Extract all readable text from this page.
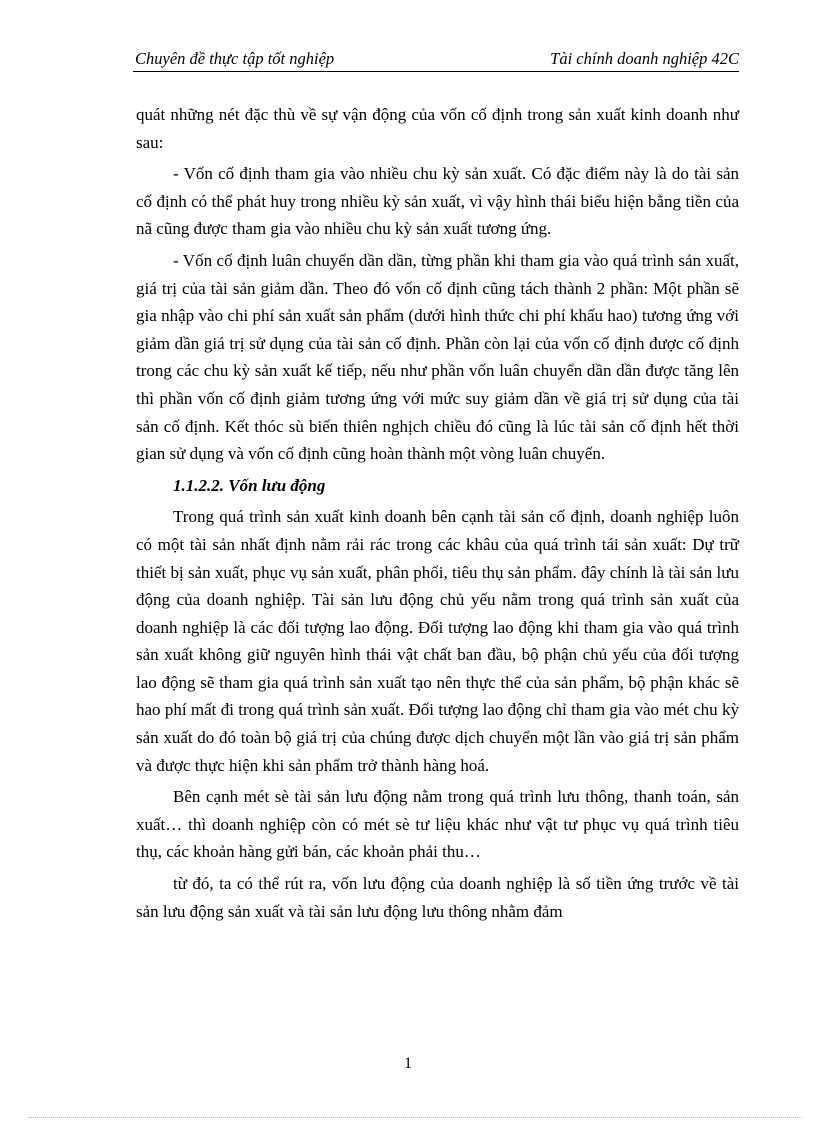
Chuyên đề thực tập tốt nghiệp	Tài chính doanh nghiệp 42C

quát những nét đặc thù về sự vận động của vốn cố định trong sản xuất kinh doanh như sau:

- Vốn cố định tham gia vào nhiều chu kỳ sản xuất. Có đặc điểm này là do tài sản cố định có thể phát huy trong nhiều kỳ sản xuất, vì vậy hình thái biểu hiện bằng tiền của nã cũng được tham gia vào nhiều chu kỳ sản xuất tương ứng.

- Vốn cố định luân chuyển dần dần, từng phần khi tham gia vào quá trình sản xuất, giá trị của tài sản giảm dần. Theo đó vốn cố định cũng tách thành 2 phần: Một phần sẽ gia nhập vào chi phí sản xuất sản phẩm (dưới hình thức chi phí khấu hao) tương ứng với giảm dần giá trị sử dụng của tài sản cố định. Phần còn lại của vốn cố định được cố định trong các chu kỳ sản xuất kế tiếp, nếu như phần vốn luân chuyển dần dần được tăng lên thì phần vốn cố định giảm tương ứng với mức suy giảm dần về giá trị sử dụng của tài sản cố định. Kết thóc sù biến thiên nghịch chiều đó cũng là lúc tài sản cố định hết thời gian sử dụng và vốn cố định cũng hoàn thành một vòng luân chuyển.

1.1.2.2. Vốn lưu động

Trong quá trình sản xuất kinh doanh bên cạnh tài sản cố định, doanh nghiệp luôn có một tài sản nhất định nằm rải rác trong các khâu của quá trình tái sản xuất: Dự trữ thiết bị sản xuất, phục vụ sản xuất, phân phối, tiêu thụ sản phẩm. đây chính là tài sản lưu động của doanh nghiệp. Tài sản lưu động chủ yếu nằm trong quá trình sản xuất của doanh nghiệp là các đối tượng lao động. Đối tượng lao động khi tham gia vào quá trình sản xuất không giữ nguyên hình thái vật chất ban đầu, bộ phận chủ yếu của đối tượng lao động sẽ tham gia quá trình sản xuất tạo nên thực thể của sản phẩm, bộ phận khác sẽ hao phí mất đi trong quá trình sản xuất. Đối tượng lao động chỉ tham gia vào mét chu kỳ sản xuất do đó toàn bộ giá trị của chúng được dịch chuyển một lần vào giá trị sản phẩm và được thực hiện khi sản phẩm trở thành hàng hoá.

Bên cạnh mét sè tài sản lưu động nằm trong quá trình lưu thông, thanh toán, sản xuất… thì doanh nghiệp còn có mét sè tư liệu khác như vật tư phục vụ quá trình tiêu thụ, các khoản hàng gửi bán, các khoản phải thu…

từ đó, ta có thể rút ra, vốn lưu động của doanh nghiệp là số tiền ứng trước về tài sản lưu động sản xuất và tài sản lưu động lưu thông nhằm đảm

1
